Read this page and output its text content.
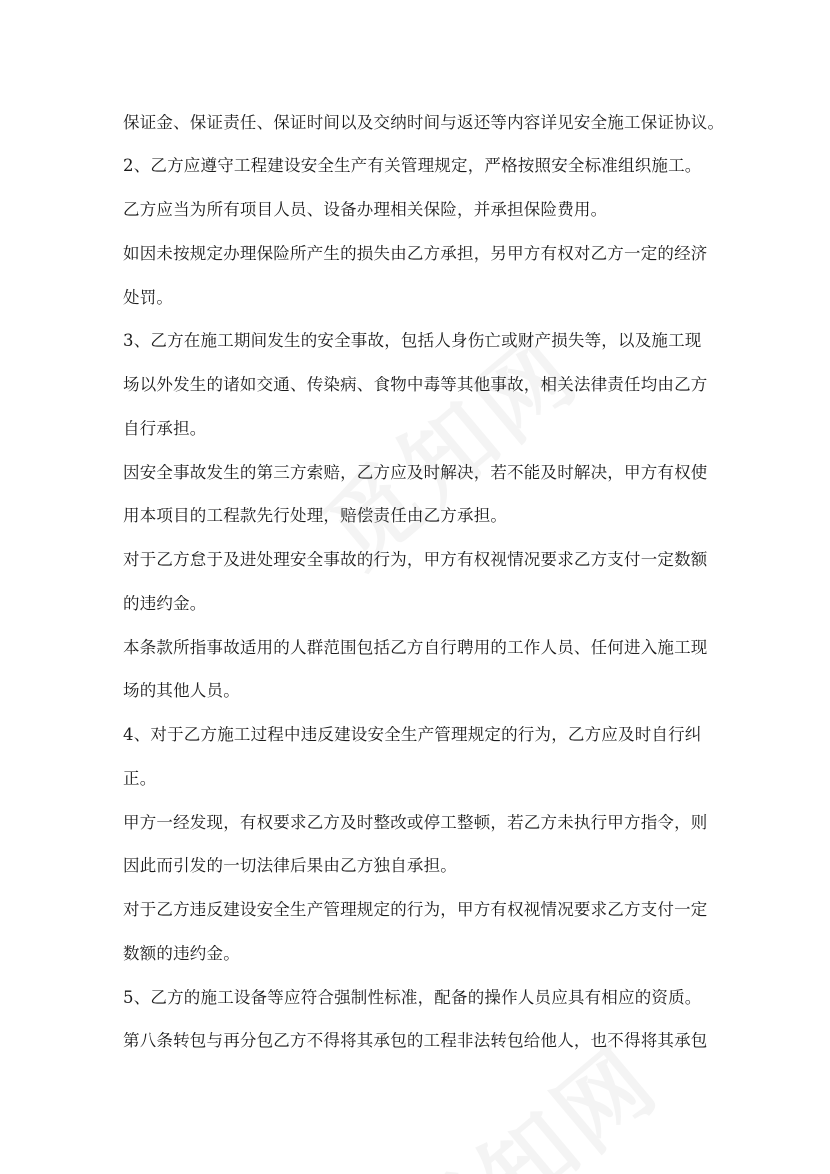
保证金、保证责任、保证时间以及交纳时间与返还等内容详见安全施工保证协议。
2、乙方应遵守工程建设安全生产有关管理规定，严格按照安全标准组织施工。
乙方应当为所有项目人员、设备办理相关保险，并承担保险费用。
如因未按规定办理保险所产生的损失由乙方承担，另甲方有权对乙方一定的经济
处罚。
3、乙方在施工期间发生的安全事故，包括人身伤亡或财产损失等，以及施工现
场以外发生的诸如交通、传染病、食物中毒等其他事故，相关法律责任均由乙方
自行承担。
因安全事故发生的第三方索赔，乙方应及时解决，若不能及时解决，甲方有权使
用本项目的工程款先行处理，赔偿责任由乙方承担。
对于乙方怠于及进处理安全事故的行为，甲方有权视情况要求乙方支付一定数额
的违约金。
本条款所指事故适用的人群范围包括乙方自行聘用的工作人员、任何进入施工现
场的其他人员。
4、对于乙方施工过程中违反建设安全生产管理规定的行为，乙方应及时自行纠
正。
甲方一经发现，有权要求乙方及时整改或停工整顿，若乙方未执行甲方指令，则
因此而引发的一切法律后果由乙方独自承担。
对于乙方违反建设安全生产管理规定的行为，甲方有权视情况要求乙方支付一定
数额的违约金。
5、乙方的施工设备等应符合强制性标准，配备的操作人员应具有相应的资质。
第八条转包与再分包乙方不得将其承包的工程非法转包给他人，也不得将其承包
